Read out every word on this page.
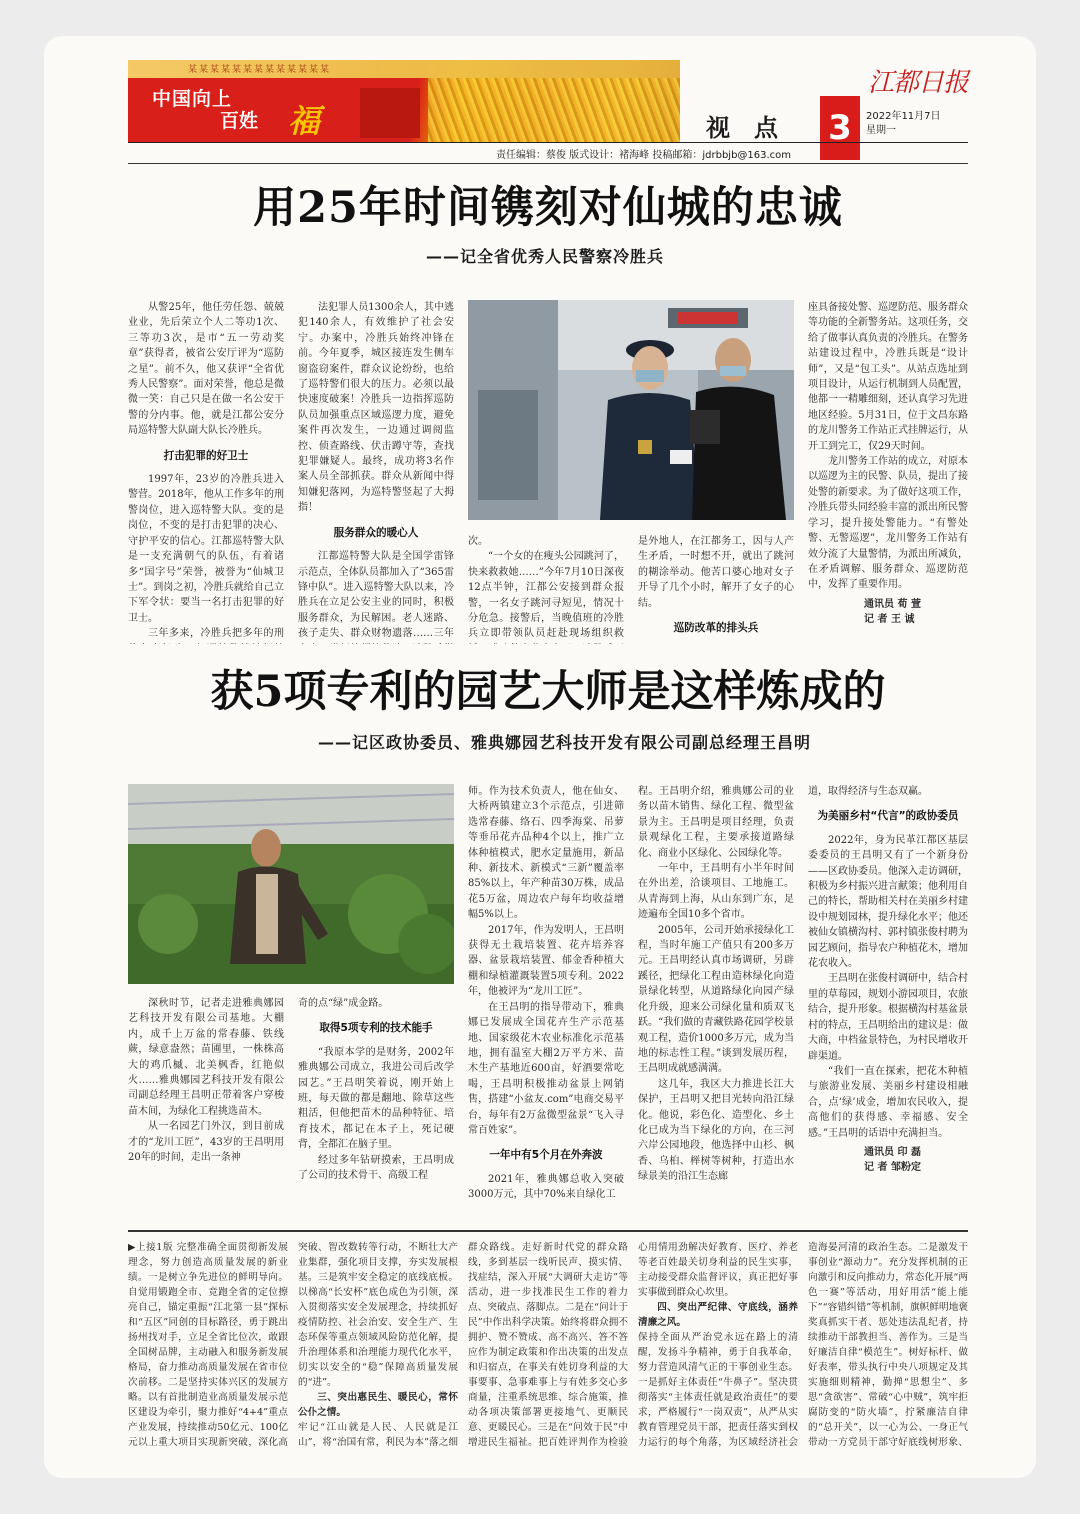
某某某某某某某某某某某某某
中国向上
百姓 福
江都日报
视点 3	2022年11月7日
星期一
责任编辑：蔡俊 版式设计：褚海峰 投稿邮箱：jdrbbjb@163.com
用25年时间镌刻对仙城的忠诚
——记全省优秀人民警察冷胜兵

从警25年，他任劳任怨、兢兢业业，先后荣立个人二等功1次、三等功3次，是市“五一劳动奖章”获得者，被省公安厅评为“巡防之星”。前不久，他又获评“全省优秀人民警察”。面对荣誉，他总是微微一笑：自己只是在做一名公安干警的分内事。他，就是江都公安分局巡特警大队副大队长冷胜兵。

打击犯罪的好卫士

1997年，23岁的冷胜兵进入警营。2018年，他从工作多年的刑警岗位，进入巡特警大队。变的是岗位，不变的是打击犯罪的决心、守护平安的信心。江都巡特警大队是一支充满朝气的队伍，有着诸多“国字号”荣誉，被誉为“仙城卫士”。到岗之初，冷胜兵就给自己立下军令状：要当一名打击犯罪的好卫士。

三年多来，冷胜兵把多年的刑

法犯罪人员1300余人，其中逃犯140余人，有效维护了社会安宁。办案中，冷胜兵始终冲锋在前。今年夏季，城区接连发生侧车窗盗窃案件，群众议论纷纷，也给了巡特警们很大的压力。必须以最快速度破案！冷胜兵一边指挥巡防队员加强重点区域巡逻力度，避免案件再次发生，一边通过调阅监控、侦查路线、伏击蹲守等，查找犯罪嫌疑人。最终，成功将3名作案人员全部抓获。群众从新闻中得知嫌犯落网，为巡特警竖起了大拇指！

服务群众的暖心人

江都巡特警大队是全国学雷锋示范点，全体队员都加入了“365雷锋中队”。进入巡特警大队以来，冷胜兵在立足公安主业的同时，积极服务群众，为民解困。老人迷路、孩子走失、群众财物遗落……三年

次。

“一个女的在瘦头公园跳河了，快来救救她……”今年7月10日深夜12点半钟，江都公安接到群众报警，一名女子跳河寻短见，情况十分危急。接警后，当晚值班的冷胜兵立即带领队员赶赴现场组织救

是外地人，在江都务工，因与人产生矛盾，一时想不开，就出了跳河的糊涂举动。他苦口婆心地对女子开导了几个小时，解开了女子的心结。

巡防改革的排头兵

座具备接处警、巡逻防范、服务群众等功能的全新警务站。这项任务，交给了做事认真负责的冷胜兵。在警务站建设过程中，冷胜兵既是“设计师”，又是“包工头”。从站点选址到项目设计，从运行机制到人员配置，他都一一精雕细刻，还认真学习先进地区经验。5月31日，位于文昌东路的龙川警务工作站正式挂牌运行，从开工到完工，仅29天时间。

龙川警务工作站的成立，对原本以巡逻为主的民警、队员，提出了接处警的新要求。为了做好这项工作，冷胜兵带头同经验丰富的派出所民警学习，提升接处警能力。“有警处警、无警巡逻”，龙川警务工作站有效分流了大量警情，为派出所减负，在矛盾调解、服务群众、巡逻防范中，发挥了重要作用。

通讯员 荀 萱

记 者 王 诚

获5项专利的园艺大师是这样炼成的
——记区政协委员、雅典娜园艺科技开发有限公司副总经理王昌明

深秋时节，记者走进雅典娜园艺科技开发有限公司基地。大棚内，成千上万盆的常春藤、铁线蕨，绿意盎然；苗圃里，一株株高大的鸡爪槭、北美枫香，红艳似火……雅典娜园艺科技开发有限公司副总经理王昌明正带着客户穿梭苗木间，为绿化工程挑选苗木。

从一名园艺门外汉，到目前成才的“龙川工匠”，43岁的王昌明用20年的时间，走出一条神

奇的点“绿”成金路。

取得5项专利的技术能手

“我原本学的是财务，2002年雅典娜公司成立，我进公司后改学园艺。”王昌明笑着说，刚开始上班，每天做的都是翻地、除草这些粗活，但他把苗木的品种特征、培育技术，都记在本子上，死记硬背，全都汇在脑子里。

经过多年钻研摸索，王昌明成了公司的技术骨干、高级工程

师。作为技术负责人，他在仙女、大桥两镇建立3个示范点，引进筛选常春藤、络石、四季海棠、吊萝等垂吊花卉品种4个以上，推广立体种植模式，肥水定量施用，新品种、新技术、新模式“三新”覆盖率85%以上，年产种苗30万株，成品花5万盆，周边农户每年均收益增幅5%以上。

2017年，作为发明人，王昌明获得无土栽培装置、花卉培养容器、盆景栽培装置、郁金香种植大棚和绿植灌溉装置5项专利。2022年，他被评为“龙川工匠”。

在王昌明的指导带动下，雅典娜已发展成全国花卉生产示范基地、国家级花木农业标准化示范基地，拥有温室大棚2万平方米、苗木生产基地近600亩，好酒要常吃喝，王昌明积极推动盆景上网销售，搭建“小盆友.com”电商交易平台，每年有2万盆微型盆景“飞入寻常百姓家”。

一年中有5个月在外奔波

2021年，雅典娜总收入突破3000万元，其中70%来自绿化工

程。王昌明介绍，雅典娜公司的业务以苗木销售、绿化工程、微型盆景为主。王昌明是项目经理，负责景观绿化工程，主要承接道路绿化、商业小区绿化、公园绿化等。

一年中，王昌明有小半年时间在外出差，洽谈项目、工地施工。从青海到上海，从山东到广东，足迹遍布全国10多个省市。

2005年，公司开始承接绿化工程，当时年施工产值只有200多万元。王昌明经认真市场调研，另辟蹊径，把绿化工程由造林绿化向造景绿化转型，从道路绿化向园产绿化升级，迎来公司绿化量和质双飞跃。“我们做的青藏铁路花园学校景观工程，造价1000多万元，成为当地的标志性工程。”谈到发展历程，王昌明成就感满满。

这几年，我区大力推进长江大保护，王昌明又把目光转向沿江绿化。他说，彩色化、造型化、乡土化已成为当下绿化的方向，在三河六岸公园地段，他选择中山杉、枫香、乌桕、榉树等树种，打造出水绿景美的沿江生态廊

道，取得经济与生态双赢。

为美丽乡村“代言”的政协委员

2022年，身为民革江都区基层委委员的王昌明又有了一个新身份——区政协委员。他深入走访调研，积极为乡村振兴进言献策；他利用自己的特长，帮助相关村在美丽乡村建设中规划园林，提升绿化水平；他还被仙女镇横沟村、郭村镇张俊村聘为园艺顾问，指导农户种植花木，增加花农收入。

王昌明在张俊村调研中，结合村里的草莓园，规划小游园项目，农旅结合，提升形象。根据横沟村基盆景村的特点，王昌明给出的建议是：做大商，中档盆景特色，为村民增收开辟渠道。

“我们一直在探索，把花木种植与旅游业发展、美丽乡村建设相融合，点‘绿’成金，增加农民收入，提高他们的获得感、幸福感、安全感。”王昌明的话语中充满担当。

通讯员 印 磊

记 者 邹粉定

▶上接1版 完整准确全面贯彻新发展理念，努力创造高质量发展的新业绩。一是树立争先进位的鲜明导向。自觉用锻跑全市、竞跑全省的定位擦亮自己，锚定重振“江北第一县”探标和“五区”同创的目标路径，勇于跳出扬州找对手，立足全省比位次，敢跟全国树品牌，主动融入和服务新发展格局，奋力推动高质量发展在省市位次前移。二是坚持实体兴区的发展方略。以有首批制造业高质量发展示范区建设为牵引，聚力推好“4+4”重点产业发展，持续推动50亿元、100亿元以上重大项目实现新突破，深化高

突破、智改数转等行动，不断壮大产业集群，强化项目支撑，夯实发展根基。三是筑牢安全稳定的底线底板。以梯高“长安杯”底色成色为引领，深入贯彻落实安全发展理念，持续抓好疫情防控、社会治安、安全生产、生态环保等重点领域风险防范化解，提升治理体系和治理能力现代化水平，切实以安全的“稳”保障高质量发展的“进”。

三、突出惠民生、暖民心，常怀公仆之情。

牢记“江山就是人民、人民就是江山”，将“治国有常，利民为本”落之细

群众路线。走好新时代党的群众路线，多到基层一线听民声、摸实情、找症结，深入开展“大调研大走访”等活动，进一步找准民生工作的着力点、突破点、落脚点。二是在“问计于民”中作出科学决策。始终将群众拥不拥护、赞不赞成、高不高兴、答不答应作为制定政策和作出决策的出发点和归宿点，在事关有姓切身利益的大事要事、急事难事上与有姓多交心多商量，注重系统思维、综合施策，推动各项决策部署更接地气、更顺民意、更暖民心。三是在“问效于民”中增进民生福祉。把百姓评判作为检验

心用情用劲解决好教育、医疗、养老等老百姓最关切身利益的民生实事，主动接受群众监督评议，真正把好事实事做到群众心坎里。

四、突出严纪律、守底线，涵养清廉之风。

保持全面从严治党永远在路上的清醒，发扬斗争精神，勇于自我革命，努力营造风清气正的干事创业生态。一是抓好主体责任“牛鼻子”。坚决贯彻落实“主体责任就是政治责任”的要求，严格履行“一岗双责”，从严从实教育管理党员干部，把责任落实到权力运行的每个角落，为区域经济社会

造海晏河清的政治生态。二是激发干事创业“源动力”。充分发挥机制的正向激引和反向推动力，常态化开展“两色一赛”等活动，用好用活“能上能下”“容错纠错”等机制，旗帜鲜明地褒奖真抓实干者、惩处违法乱纪者，持续推动干部教担当、善作为。三是当好廉洁自律“模范生”。树好标杆、做好表率，带头执行中央八项规定及其实施细则精神，勤掸“思想尘”、多思“贪欲害”、常破“心中贼”，筑牢拒腐防变的“防火墙”，拧紧廉洁自律的“总开关”，以一心为公、一身正气带动一方党员干部守好底线树形象、
